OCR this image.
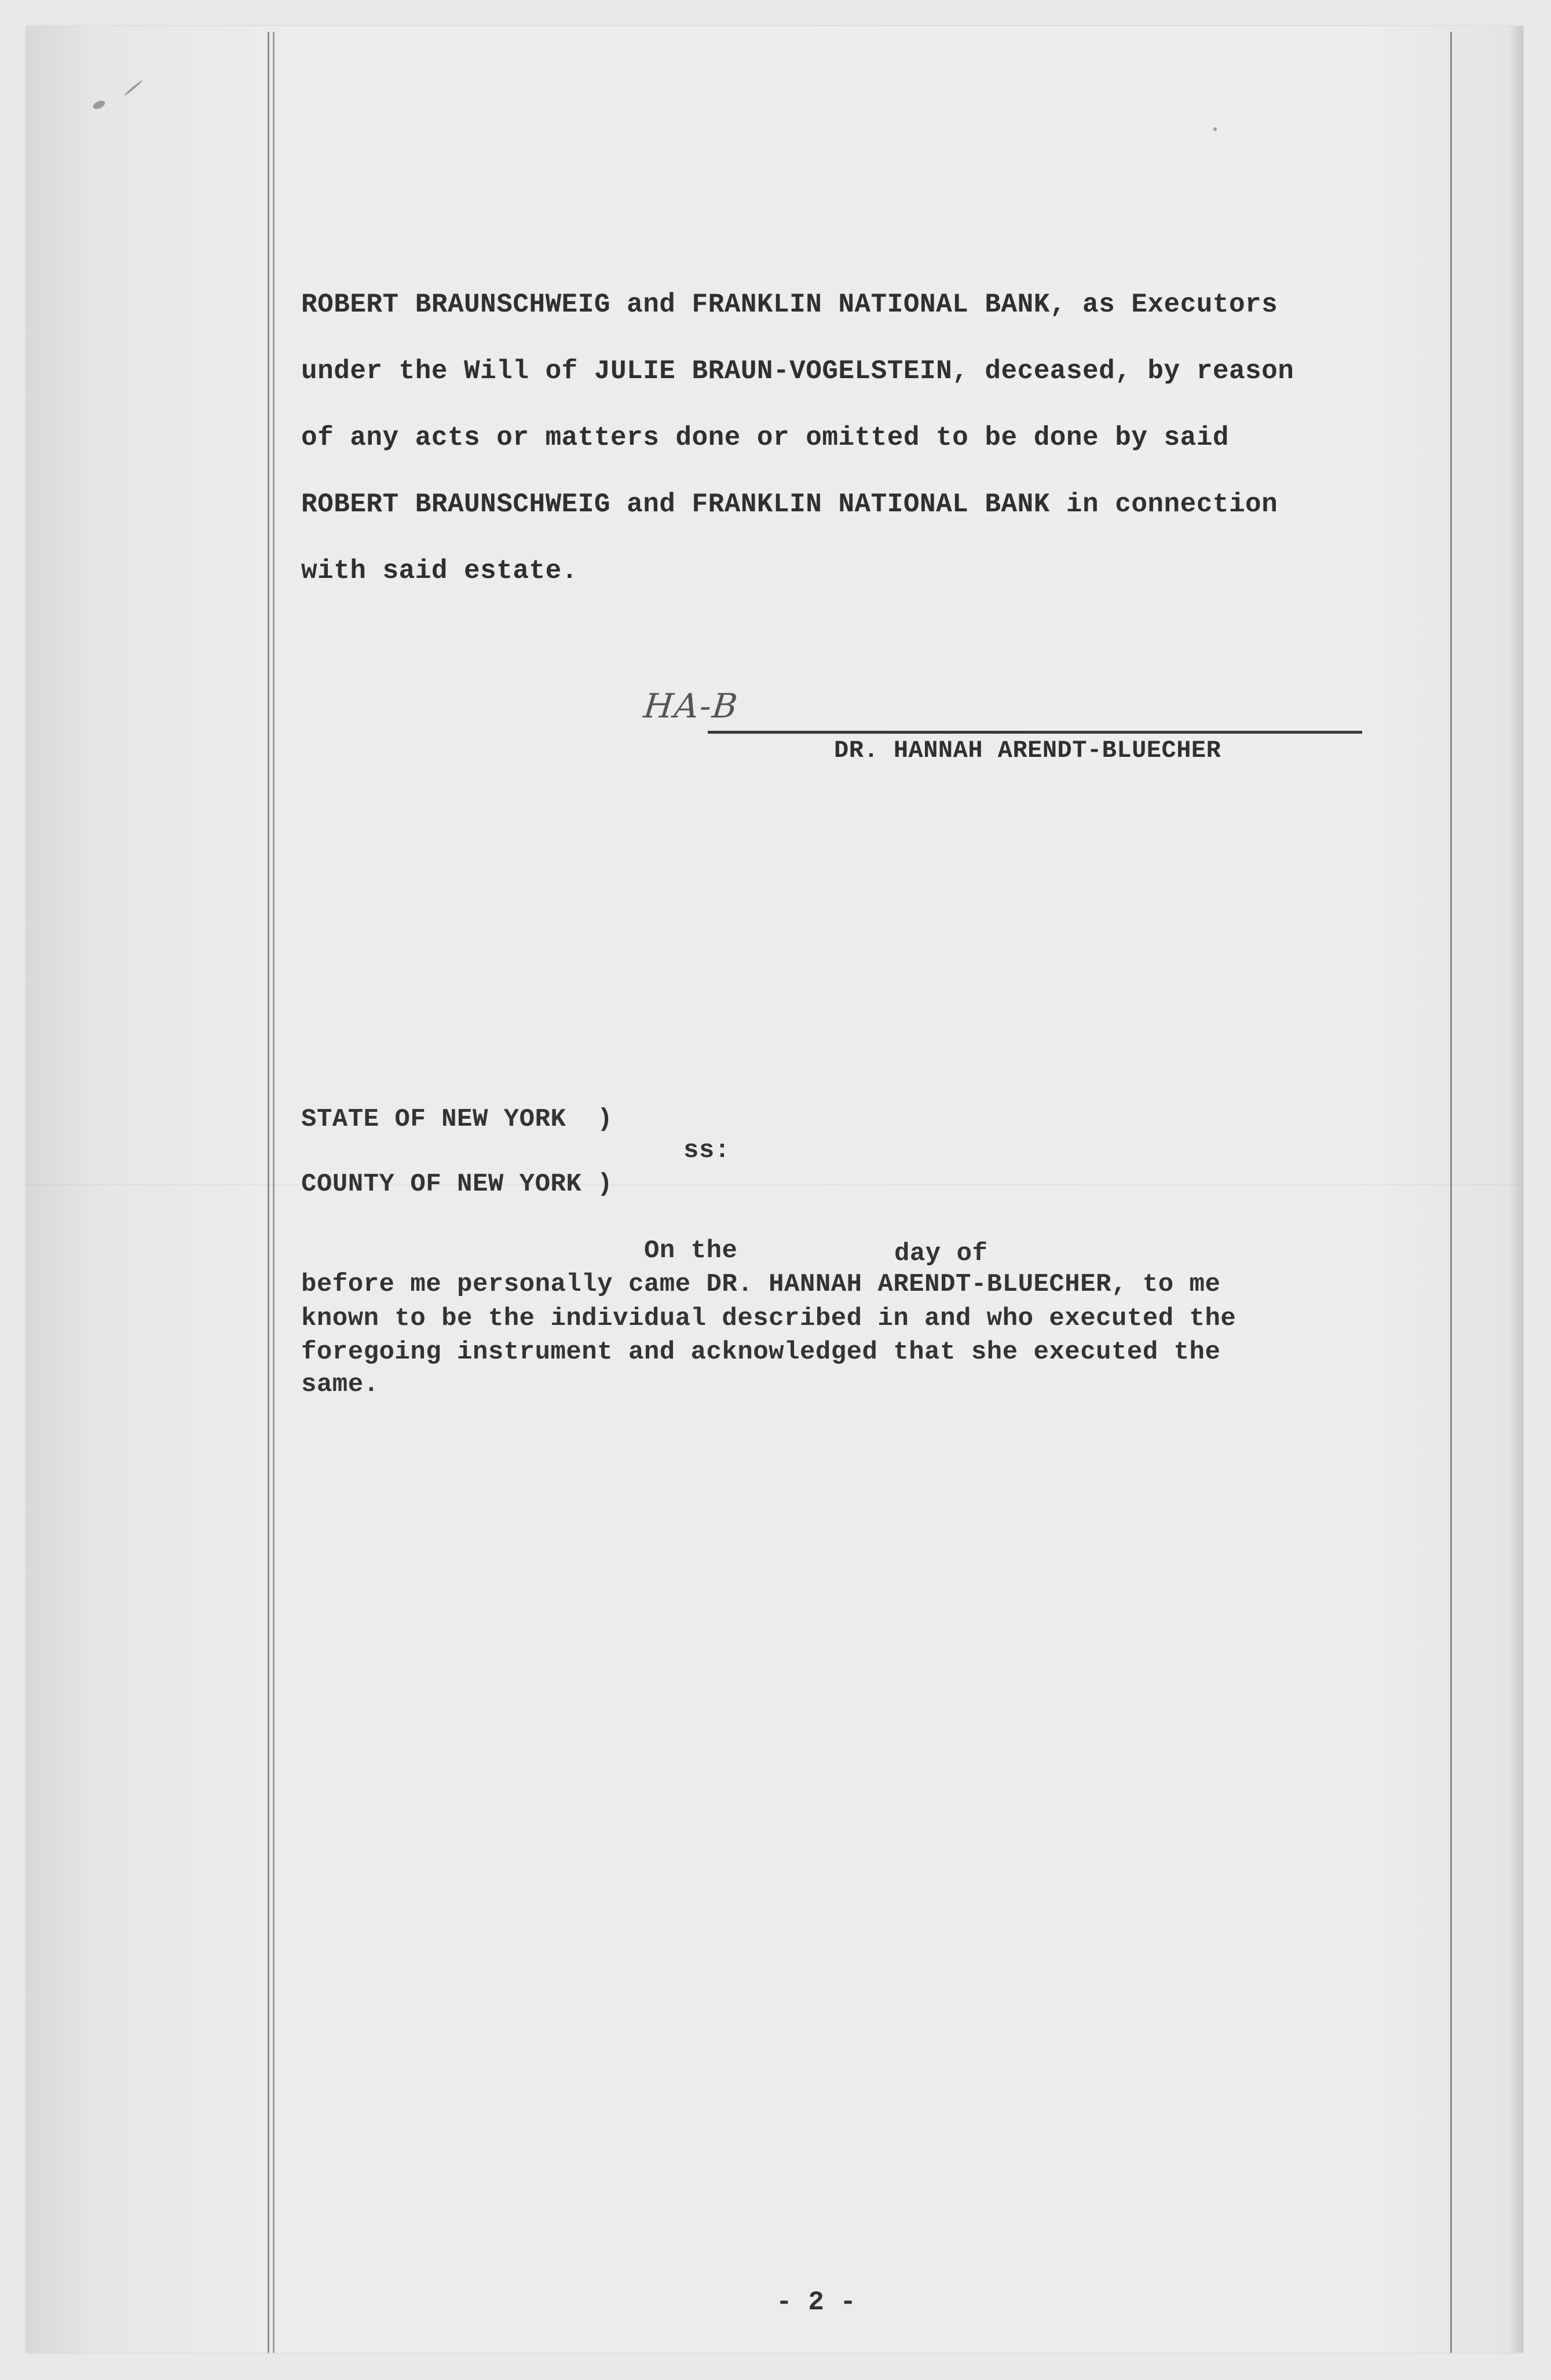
ROBERT BRAUNSCHWEIG and FRANKLIN NATIONAL BANK, as Executors
under the Will of JULIE BRAUN-VOGELSTEIN, deceased, by reason
of any acts or matters done or omitted to be done by said
ROBERT BRAUNSCHWEIG and FRANKLIN NATIONAL BANK in connection
with said estate.
HA-B
DR. HANNAH ARENDT-BLUECHER
STATE OF NEW YORK  )
ss:
COUNTY OF NEW YORK )
On the	day of
before me personally came DR. HANNAH ARENDT-BLUECHER, to me
known to be the individual described in and who executed the
foregoing instrument and acknowledged that she executed the
same.
- 2 -
